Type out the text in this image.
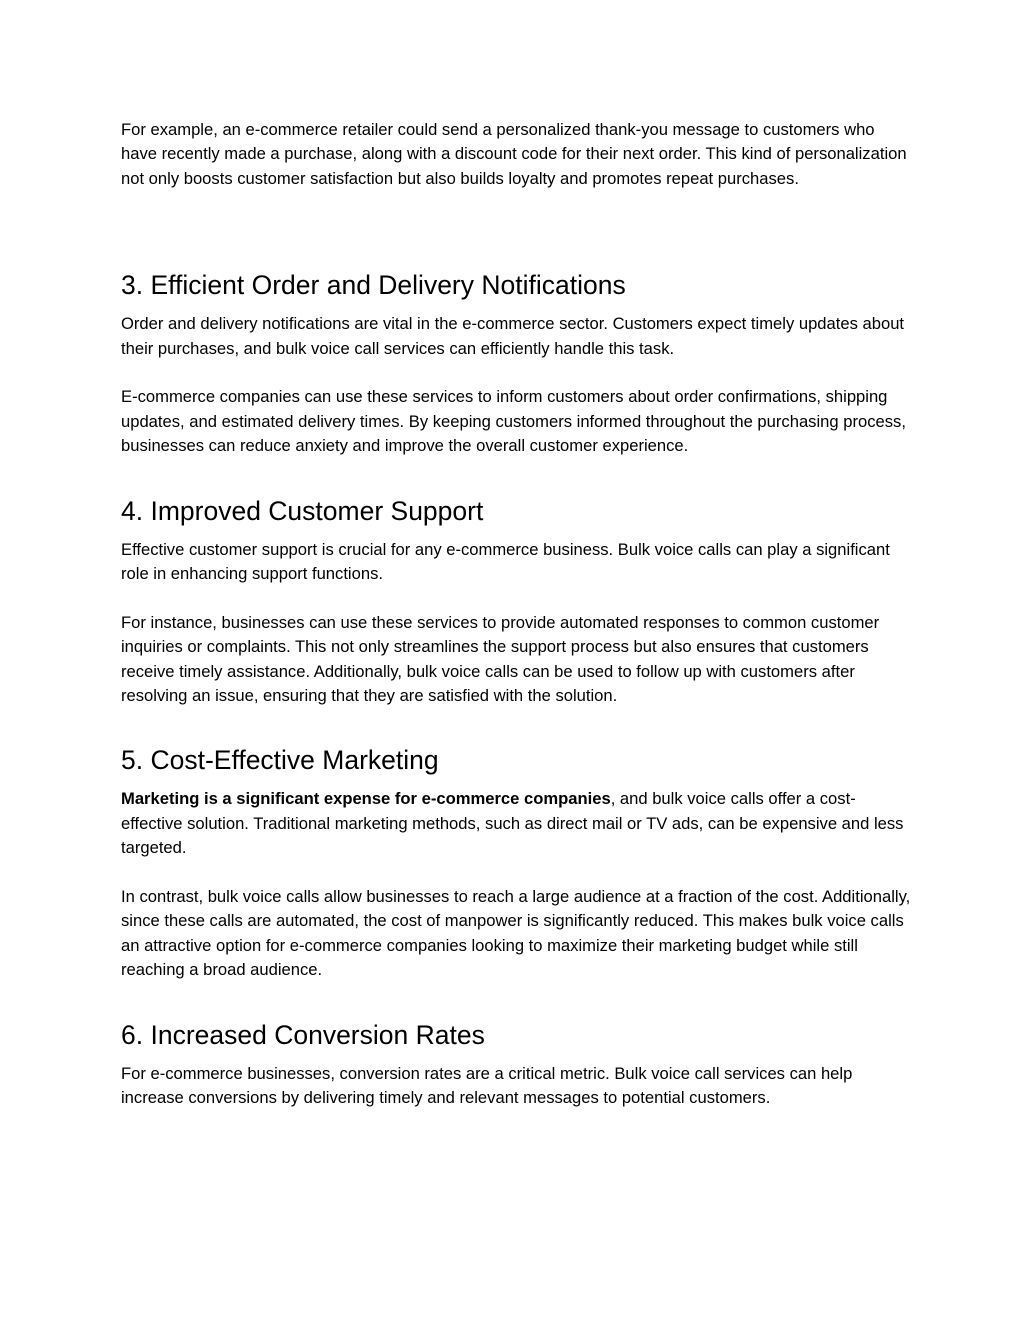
For example, an e-commerce retailer could send a personalized thank-you message to customers who have recently made a purchase, along with a discount code for their next order. This kind of personalization not only boosts customer satisfaction but also builds loyalty and promotes repeat purchases.

3. Efficient Order and Delivery Notifications

Order and delivery notifications are vital in the e-commerce sector. Customers expect timely updates about their purchases, and bulk voice call services can efficiently handle this task.

E-commerce companies can use these services to inform customers about order confirmations, shipping updates, and estimated delivery times. By keeping customers informed throughout the purchasing process, businesses can reduce anxiety and improve the overall customer experience.

4. Improved Customer Support

Effective customer support is crucial for any e-commerce business. Bulk voice calls can play a significant role in enhancing support functions.

For instance, businesses can use these services to provide automated responses to common customer inquiries or complaints. This not only streamlines the support process but also ensures that customers receive timely assistance. Additionally, bulk voice calls can be used to follow up with customers after resolving an issue, ensuring that they are satisfied with the solution.

5. Cost-Effective Marketing

Marketing is a significant expense for e-commerce companies, and bulk voice calls offer a cost-effective solution. Traditional marketing methods, such as direct mail or TV ads, can be expensive and less targeted.

In contrast, bulk voice calls allow businesses to reach a large audience at a fraction of the cost. Additionally, since these calls are automated, the cost of manpower is significantly reduced. This makes bulk voice calls an attractive option for e-commerce companies looking to maximize their marketing budget while still reaching a broad audience.

6. Increased Conversion Rates

For e-commerce businesses, conversion rates are a critical metric. Bulk voice call services can help increase conversions by delivering timely and relevant messages to potential customers.
